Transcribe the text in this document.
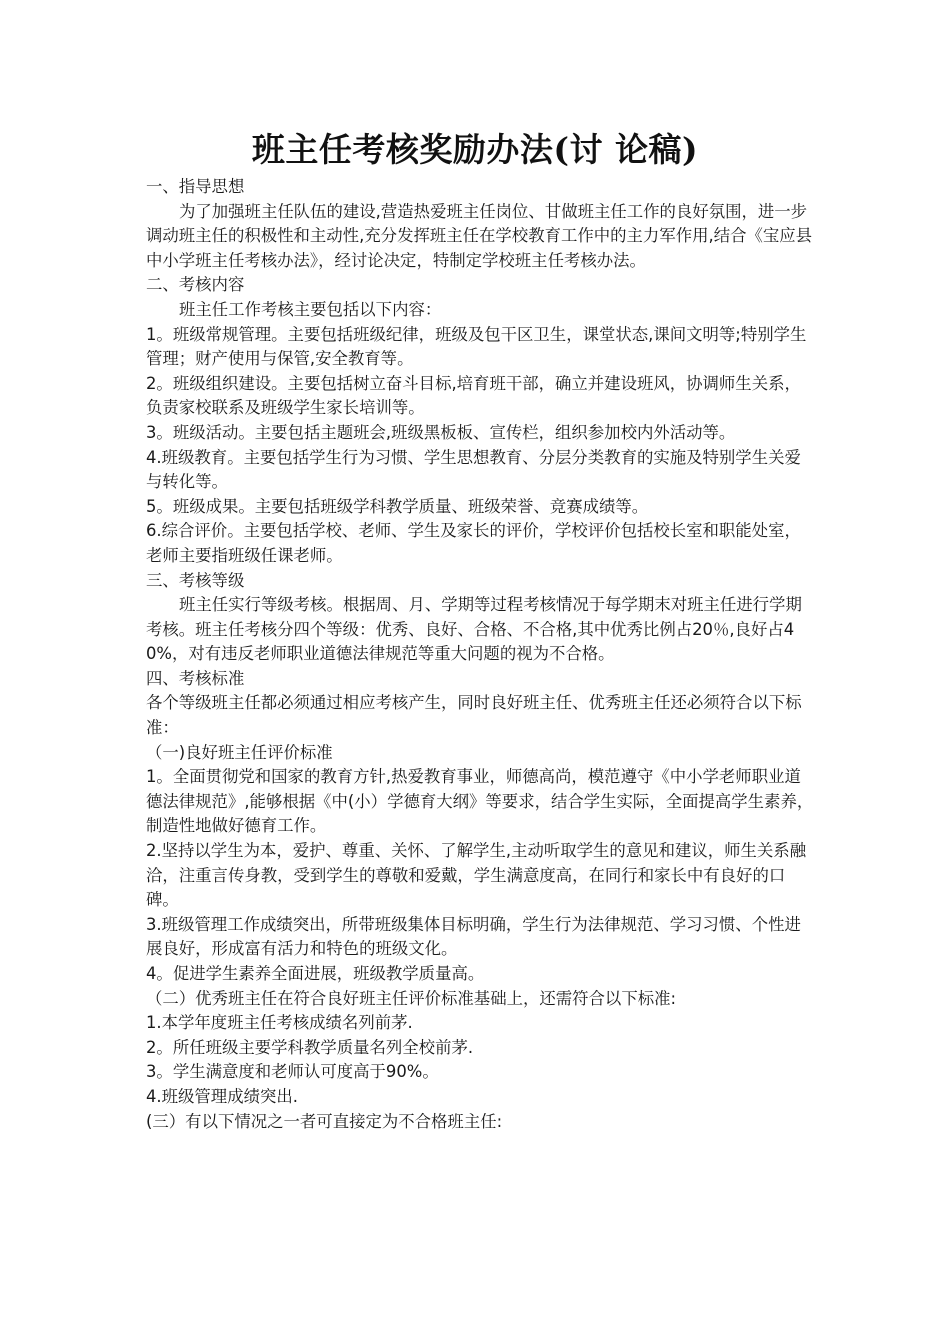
班主任考核奖励办法(讨 论稿)

一、指导思想

为了加强班主任队伍的建设,营造热爱班主任岗位、甘做班主任工作的良好氛围，进一步调动班主任的积极性和主动性,充分发挥班主任在学校教育工作中的主力军作用,结合《宝应县中小学班主任考核办法》，经讨论决定，特制定学校班主任考核办法。

二、考核内容

班主任工作考核主要包括以下内容：

1。班级常规管理。主要包括班级纪律，班级及包干区卫生，课堂状态,课间文明等;特别学生管理；财产使用与保管,安全教育等。

2。班级组织建设。主要包括树立奋斗目标,培育班干部，确立并建设班风，协调师生关系，负责家校联系及班级学生家长培训等。

3。班级活动。主要包括主题班会,班级黑板板、宣传栏，组织参加校内外活动等。

4.班级教育。主要包括学生行为习惯、学生思想教育、分层分类教育的实施及特别学生关爱与转化等。

5。班级成果。主要包括班级学科教学质量、班级荣誉、竞赛成绩等。

6.综合评价。主要包括学校、老师、学生及家长的评价，学校评价包括校长室和职能处室，老师主要指班级任课老师。

三、考核等级

班主任实行等级考核。根据周、月、学期等过程考核情况于每学期末对班主任进行学期考核。班主任考核分四个等级：优秀、良好、合格、不合格,其中优秀比例占20％,良好占40%，对有违反老师职业道德法律规范等重大问题的视为不合格。

四、考核标准

各个等级班主任都必须通过相应考核产生，同时良好班主任、优秀班主任还必须符合以下标准：

（一)良好班主任评价标准

1。全面贯彻党和国家的教育方针,热爱教育事业，师德高尚，模范遵守《中小学老师职业道德法律规范》,能够根据《中(小）学德育大纲》等要求，结合学生实际，全面提高学生素养，制造性地做好德育工作。

2.坚持以学生为本，爱护、尊重、关怀、了解学生,主动听取学生的意见和建议，师生关系融洽，注重言传身教，受到学生的尊敬和爱戴，学生满意度高，在同行和家长中有良好的口碑。

3.班级管理工作成绩突出，所带班级集体目标明确，学生行为法律规范、学习习惯、个性进展良好，形成富有活力和特色的班级文化。

4。促进学生素养全面进展，班级教学质量高。

（二）优秀班主任在符合良好班主任评价标准基础上，还需符合以下标准:

1.本学年度班主任考核成绩名列前茅.

2。所任班级主要学科教学质量名列全校前茅.

3。学生满意度和老师认可度高于90%。

4.班级管理成绩突出.

(三）有以下情况之一者可直接定为不合格班主任:
